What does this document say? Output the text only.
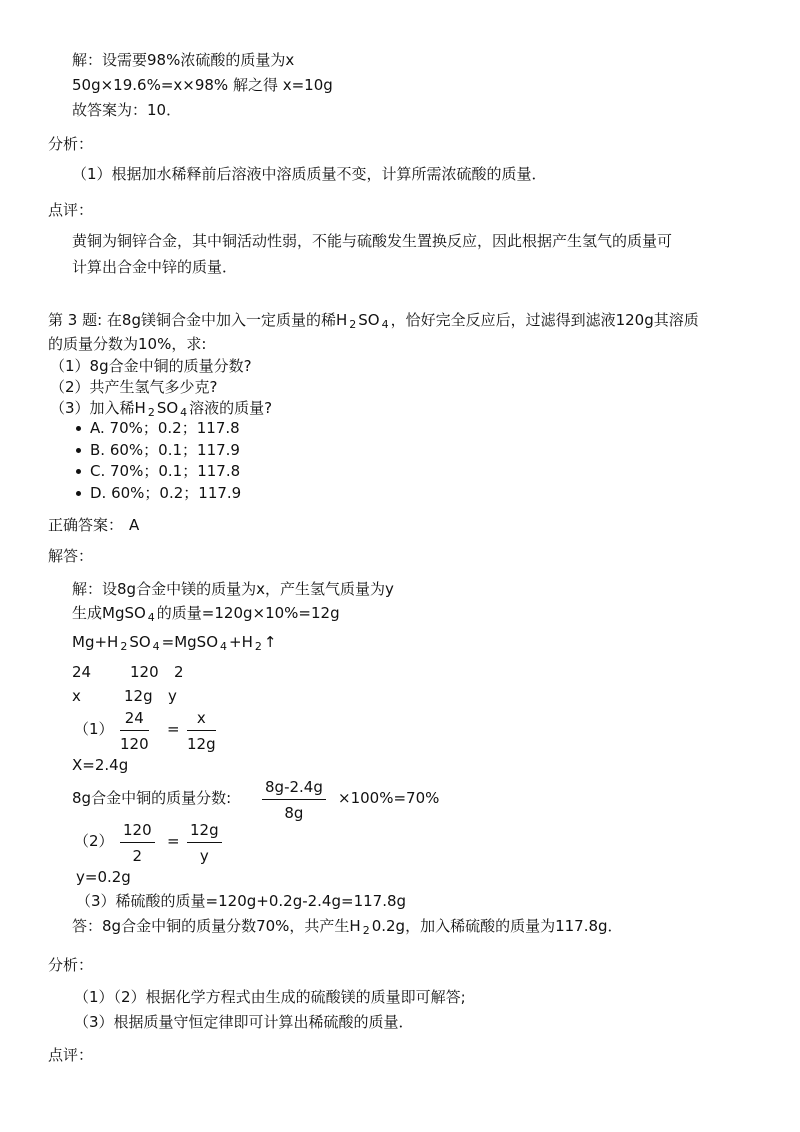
解：设需要98%浓硫酸的质量为x
50g×19.6%=x×98% 解之得 x=10g
故答案为：10．
分析：
（1）根据加水稀释前后溶液中溶质质量不变，计算所需浓硫酸的质量．
点评：
黄铜为铜锌合金，其中铜活动性弱，不能与硫酸发生置换反应，因此根据产生氢气的质量可
计算出合金中锌的质量．
第 3 题: 在8g镁铜合金中加入一定质量的稀H $_2$ SO $_4$ ，恰好完全反应后，过滤得到滤液120g其溶质
的质量分数为10%，求:
（1）8g合金中铜的质量分数?
（2）共产生氢气多少克?
（3）加入稀H $_2$ SO $_4$ 溶液的质量?
A. 70%；0.2；117.8
B. 60%；0.1；117.9
C. 70%；0.1；117.8
D. 60%；0.2；117.9
正确答案： A
解答：
解：设8g合金中镁的质量为x，产生氢气质量为y
生成MgSO $_4$ 的质量=120g×10%=12g
Mg+H $_2$ SO $_4$ =MgSO $_4$ +H $_2$ ↑
24	120 2
x	12g y
$(1) \frac{24}{120} = \frac{x}{12g}$
X=2.4g
8g合金中铜的质量分数: $\frac{8g-2.4g}{8g} \times 100\%=70\%$
$(2) \frac{120}{2} = \frac{12g}{y}$
y=0.2g
（3）稀硫酸的质量=120g+0.2g-2.4g=117.8g
答：8g合金中铜的质量分数70%，共产生H $_2$ 0.2g，加入稀硫酸的质量为117.8g．
分析：
（1）（2）根据化学方程式由生成的硫酸镁的质量即可解答;
（3）根据质量守恒定律即可计算出稀硫酸的质量．
点评：
